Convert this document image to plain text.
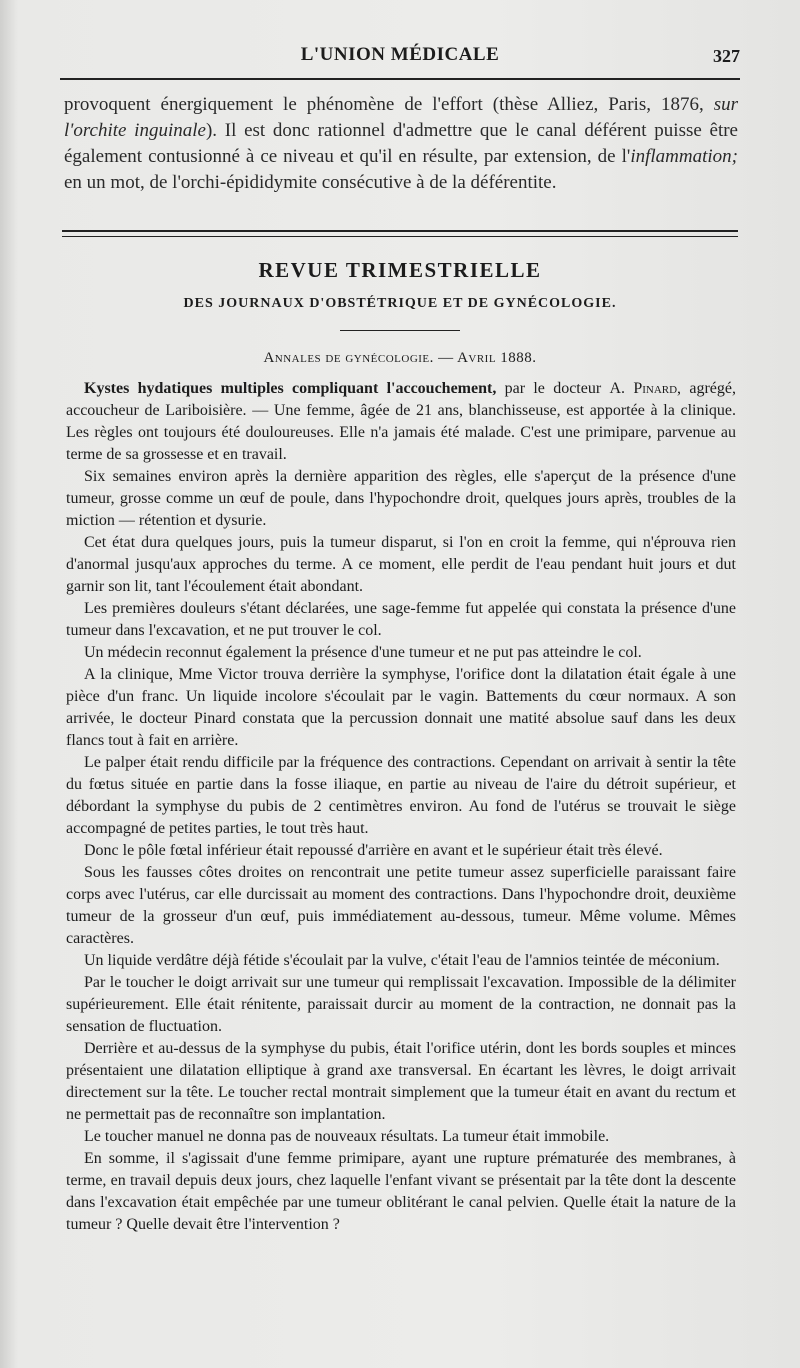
L'UNION MÉDICALE	327

provoquent énergiquement le phénomène de l'effort (thèse Alliez, Paris, 1876, sur l'orchite inguinale). Il est donc rationnel d'admettre que le canal déférent puisse être également contusionné à ce niveau et qu'il en résulte, par extension, de l'inflammation; en un mot, de l'orchi-épididymite consécutive à de la déférentite.

REVUE TRIMESTRIELLE
DES JOURNAUX D'OBSTÉTRIQUE ET DE GYNÉCOLOGIE.
Annales de gynécologie. — Avril 1888.

Kystes hydatiques multiples compliquant l'accouchement, par le docteur A. Pinard, agrégé, accoucheur de Lariboisière. — Une femme, âgée de 21 ans, blanchisseuse, est apportée à la clinique. Les règles ont toujours été douloureuses. Elle n'a jamais été malade. C'est une primipare, parvenue au terme de sa grossesse et en travail.

Six semaines environ après la dernière apparition des règles, elle s'aperçut de la présence d'une tumeur, grosse comme un œuf de poule, dans l'hypochondre droit, quelques jours après, troubles de la miction — rétention et dysurie.

Cet état dura quelques jours, puis la tumeur disparut, si l'on en croit la femme, qui n'éprouva rien d'anormal jusqu'aux approches du terme. A ce moment, elle perdit de l'eau pendant huit jours et dut garnir son lit, tant l'écoulement était abondant.

Les premières douleurs s'étant déclarées, une sage-femme fut appelée qui constata la présence d'une tumeur dans l'excavation, et ne put trouver le col.

Un médecin reconnut également la présence d'une tumeur et ne put pas atteindre le col.

A la clinique, Mme Victor trouva derrière la symphyse, l'orifice dont la dilatation était égale à une pièce d'un franc. Un liquide incolore s'écoulait par le vagin. Battements du cœur normaux. A son arrivée, le docteur Pinard constata que la percussion donnait une matité absolue sauf dans les deux flancs tout à fait en arrière.

Le palper était rendu difficile par la fréquence des contractions. Cependant on arrivait à sentir la tête du fœtus située en partie dans la fosse iliaque, en partie au niveau de l'aire du détroit supérieur, et débordant la symphyse du pubis de 2 centimètres environ. Au fond de l'utérus se trouvait le siège accompagné de petites parties, le tout très haut.

Donc le pôle fœtal inférieur était repoussé d'arrière en avant et le supérieur était très élevé.

Sous les fausses côtes droites on rencontrait une petite tumeur assez superficielle paraissant faire corps avec l'utérus, car elle durcissait au moment des contractions. Dans l'hypochondre droit, deuxième tumeur de la grosseur d'un œuf, puis immédiatement au-dessous, tumeur. Même volume. Mêmes caractères.

Un liquide verdâtre déjà fétide s'écoulait par la vulve, c'était l'eau de l'amnios teintée de méconium.

Par le toucher le doigt arrivait sur une tumeur qui remplissait l'excavation. Impossible de la délimiter supérieurement. Elle était rénitente, paraissait durcir au moment de la contraction, ne donnait pas la sensation de fluctuation.

Derrière et au-dessus de la symphyse du pubis, était l'orifice utérin, dont les bords souples et minces présentaient une dilatation elliptique à grand axe transversal. En écartant les lèvres, le doigt arrivait directement sur la tête. Le toucher rectal montrait simplement que la tumeur était en avant du rectum et ne permettait pas de reconnaître son implantation.

Le toucher manuel ne donna pas de nouveaux résultats. La tumeur était immobile.

En somme, il s'agissait d'une femme primipare, ayant une rupture prématurée des membranes, à terme, en travail depuis deux jours, chez laquelle l'enfant vivant se présentait par la tête dont la descente dans l'excavation était empêchée par une tumeur oblitérant le canal pelvien. Quelle était la nature de la tumeur ? Quelle devait être l'intervention ?
